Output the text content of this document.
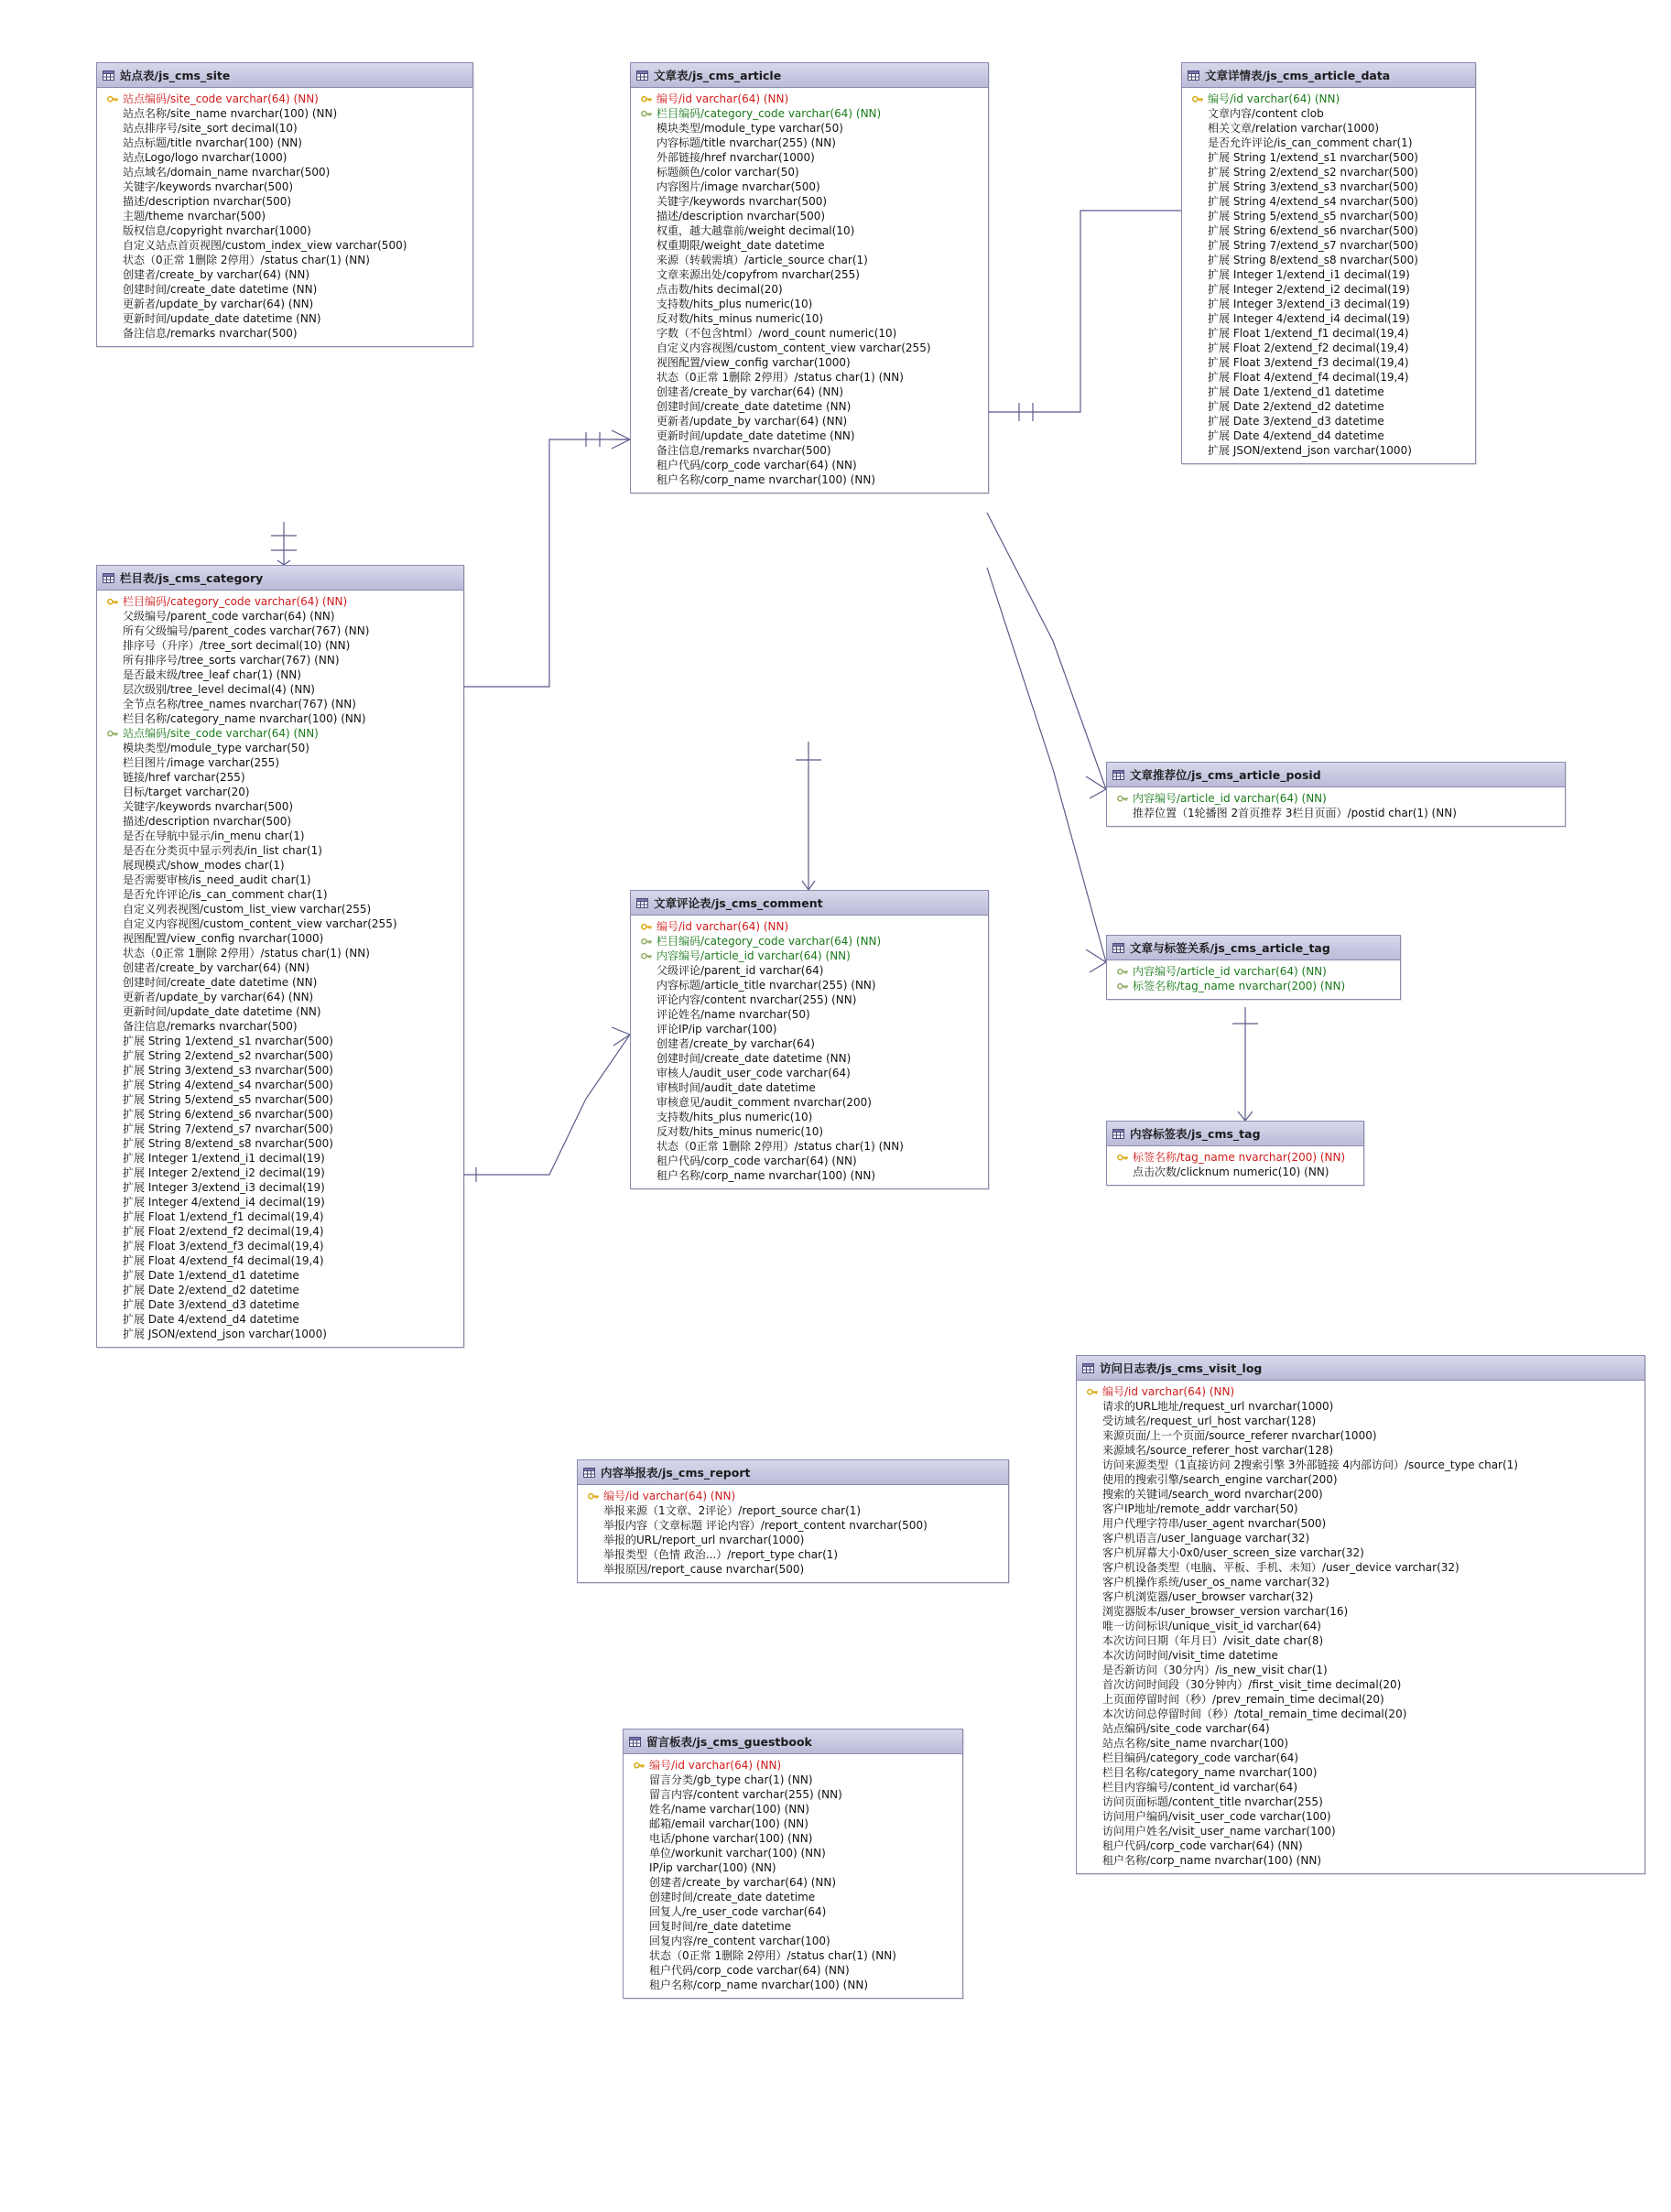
站点表/js_cms_site
站点编码/site_code varchar(64) (NN)
站点名称/site_name nvarchar(100) (NN)
站点排序号/site_sort decimal(10)
站点标题/title nvarchar(100) (NN)
站点Logo/logo nvarchar(1000)
站点域名/domain_name nvarchar(500)
关键字/keywords nvarchar(500)
描述/description nvarchar(500)
主题/theme nvarchar(500)
版权信息/copyright nvarchar(1000)
自定义站点首页视图/custom_index_view varchar(500)
状态（0正常 1删除 2停用）/status char(1) (NN)
创建者/create_by varchar(64) (NN)
创建时间/create_date datetime (NN)
更新者/update_by varchar(64) (NN)
更新时间/update_date datetime (NN)
备注信息/remarks nvarchar(500)
栏目表/js_cms_category
栏目编码/category_code varchar(64) (NN)
父级编号/parent_code varchar(64) (NN)
所有父级编号/parent_codes varchar(767) (NN)
排序号（升序）/tree_sort decimal(10) (NN)
所有排序号/tree_sorts varchar(767) (NN)
是否最末级/tree_leaf char(1) (NN)
层次级别/tree_level decimal(4) (NN)
全节点名称/tree_names nvarchar(767) (NN)
栏目名称/category_name nvarchar(100) (NN)
站点编码/site_code varchar(64) (NN)
模块类型/module_type varchar(50)
栏目图片/image varchar(255)
链接/href varchar(255)
目标/target varchar(20)
关键字/keywords nvarchar(500)
描述/description nvarchar(500)
是否在导航中显示/in_menu char(1)
是否在分类页中显示列表/in_list char(1)
展现模式/show_modes char(1)
是否需要审核/is_need_audit char(1)
是否允许评论/is_can_comment char(1)
自定义列表视图/custom_list_view varchar(255)
自定义内容视图/custom_content_view varchar(255)
视图配置/view_config nvarchar(1000)
状态（0正常 1删除 2停用）/status char(1) (NN)
创建者/create_by varchar(64) (NN)
创建时间/create_date datetime (NN)
更新者/update_by varchar(64) (NN)
更新时间/update_date datetime (NN)
备注信息/remarks nvarchar(500)
扩展 String 1/extend_s1 nvarchar(500)
扩展 String 2/extend_s2 nvarchar(500)
扩展 String 3/extend_s3 nvarchar(500)
扩展 String 4/extend_s4 nvarchar(500)
扩展 String 5/extend_s5 nvarchar(500)
扩展 String 6/extend_s6 nvarchar(500)
扩展 String 7/extend_s7 nvarchar(500)
扩展 String 8/extend_s8 nvarchar(500)
扩展 Integer 1/extend_i1 decimal(19)
扩展 Integer 2/extend_i2 decimal(19)
扩展 Integer 3/extend_i3 decimal(19)
扩展 Integer 4/extend_i4 decimal(19)
扩展 Float 1/extend_f1 decimal(19,4)
扩展 Float 2/extend_f2 decimal(19,4)
扩展 Float 3/extend_f3 decimal(19,4)
扩展 Float 4/extend_f4 decimal(19,4)
扩展 Date 1/extend_d1 datetime
扩展 Date 2/extend_d2 datetime
扩展 Date 3/extend_d3 datetime
扩展 Date 4/extend_d4 datetime
扩展 JSON/extend_json varchar(1000)
文章表/js_cms_article
编号/id varchar(64) (NN)
栏目编码/category_code varchar(64) (NN)
模块类型/module_type varchar(50)
内容标题/title nvarchar(255) (NN)
外部链接/href nvarchar(1000)
标题颜色/color varchar(50)
内容图片/image nvarchar(500)
关键字/keywords nvarchar(500)
描述/description nvarchar(500)
权重，越大越靠前/weight decimal(10)
权重期限/weight_date datetime
来源（转载需填）/article_source char(1)
文章来源出处/copyfrom nvarchar(255)
点击数/hits decimal(20)
支持数/hits_plus numeric(10)
反对数/hits_minus numeric(10)
字数（不包含html）/word_count numeric(10)
自定义内容视图/custom_content_view varchar(255)
视图配置/view_config varchar(1000)
状态（0正常 1删除 2停用）/status char(1) (NN)
创建者/create_by varchar(64) (NN)
创建时间/create_date datetime (NN)
更新者/update_by varchar(64) (NN)
更新时间/update_date datetime (NN)
备注信息/remarks nvarchar(500)
租户代码/corp_code varchar(64) (NN)
租户名称/corp_name nvarchar(100) (NN)
文章详情表/js_cms_article_data
编号/id varchar(64) (NN)
文章内容/content clob
相关文章/relation varchar(1000)
是否允许评论/is_can_comment char(1)
扩展 String 1/extend_s1 nvarchar(500)
扩展 String 2/extend_s2 nvarchar(500)
扩展 String 3/extend_s3 nvarchar(500)
扩展 String 4/extend_s4 nvarchar(500)
扩展 String 5/extend_s5 nvarchar(500)
扩展 String 6/extend_s6 nvarchar(500)
扩展 String 7/extend_s7 nvarchar(500)
扩展 String 8/extend_s8 nvarchar(500)
扩展 Integer 1/extend_i1 decimal(19)
扩展 Integer 2/extend_i2 decimal(19)
扩展 Integer 3/extend_i3 decimal(19)
扩展 Integer 4/extend_i4 decimal(19)
扩展 Float 1/extend_f1 decimal(19,4)
扩展 Float 2/extend_f2 decimal(19,4)
扩展 Float 3/extend_f3 decimal(19,4)
扩展 Float 4/extend_f4 decimal(19,4)
扩展 Date 1/extend_d1 datetime
扩展 Date 2/extend_d2 datetime
扩展 Date 3/extend_d3 datetime
扩展 Date 4/extend_d4 datetime
扩展 JSON/extend_json varchar(1000)
文章推荐位/js_cms_article_posid
内容编号/article_id varchar(64) (NN)
推荐位置（1轮播图 2首页推荐 3栏目页面）/postid char(1) (NN)
文章与标签关系/js_cms_article_tag
内容编号/article_id varchar(64) (NN)
标签名称/tag_name nvarchar(200) (NN)
内容标签表/js_cms_tag
标签名称/tag_name nvarchar(200) (NN)
点击次数/clicknum numeric(10) (NN)
文章评论表/js_cms_comment
编号/id varchar(64) (NN)
栏目编码/category_code varchar(64) (NN)
内容编号/article_id varchar(64) (NN)
父级评论/parent_id varchar(64)
内容标题/article_title nvarchar(255) (NN)
评论内容/content nvarchar(255) (NN)
评论姓名/name nvarchar(50)
评论IP/ip varchar(100)
创建者/create_by varchar(64)
创建时间/create_date datetime (NN)
审核人/audit_user_code varchar(64)
审核时间/audit_date datetime
审核意见/audit_comment nvarchar(200)
支持数/hits_plus numeric(10)
反对数/hits_minus numeric(10)
状态（0正常 1删除 2停用）/status char(1) (NN)
租户代码/corp_code varchar(64) (NN)
租户名称/corp_name nvarchar(100) (NN)
内容举报表/js_cms_report
编号/id varchar(64) (NN)
举报来源（1文章、2评论）/report_source char(1)
举报内容（文章标题 评论内容）/report_content nvarchar(500)
举报的URL/report_url nvarchar(1000)
举报类型（色情 政治...）/report_type char(1)
举报原因/report_cause nvarchar(500)
留言板表/js_cms_guestbook
编号/id varchar(64) (NN)
留言分类/gb_type char(1) (NN)
留言内容/content varchar(255) (NN)
姓名/name varchar(100) (NN)
邮箱/email varchar(100) (NN)
电话/phone varchar(100) (NN)
单位/workunit varchar(100) (NN)
IP/ip varchar(100) (NN)
创建者/create_by varchar(64) (NN)
创建时间/create_date datetime
回复人/re_user_code varchar(64)
回复时间/re_date datetime
回复内容/re_content varchar(100)
状态（0正常 1删除 2停用）/status char(1) (NN)
租户代码/corp_code varchar(64) (NN)
租户名称/corp_name nvarchar(100) (NN)
访问日志表/js_cms_visit_log
编号/id varchar(64) (NN)
请求的URL地址/request_url nvarchar(1000)
受访域名/request_url_host varchar(128)
来源页面/上一个页面/source_referer nvarchar(1000)
来源域名/source_referer_host varchar(128)
访问来源类型（1直接访问 2搜索引擎 3外部链接 4内部访问）/source_type char(1)
使用的搜索引擎/search_engine varchar(200)
搜索的关键词/search_word nvarchar(200)
客户IP地址/remote_addr varchar(50)
用户代理字符串/user_agent nvarchar(500)
客户机语言/user_language varchar(32)
客户机屏幕大小0x0/user_screen_size varchar(32)
客户机设备类型（电脑、平板、手机、未知）/user_device varchar(32)
客户机操作系统/user_os_name varchar(32)
客户机浏览器/user_browser varchar(32)
浏览器版本/user_browser_version varchar(16)
唯一访问标识/unique_visit_id varchar(64)
本次访问日期（年月日）/visit_date char(8)
本次访问时间/visit_time datetime
是否新访问（30分内）/is_new_visit char(1)
首次访问时间段（30分钟内）/first_visit_time decimal(20)
上页面停留时间（秒）/prev_remain_time decimal(20)
本次访问总停留时间（秒）/total_remain_time decimal(20)
站点编码/site_code varchar(64)
站点名称/site_name nvarchar(100)
栏目编码/category_code varchar(64)
栏目名称/category_name nvarchar(100)
栏目内容编号/content_id varchar(64)
访问页面标题/content_title nvarchar(255)
访问用户编码/visit_user_code varchar(100)
访问用户姓名/visit_user_name varchar(100)
租户代码/corp_code varchar(64) (NN)
租户名称/corp_name nvarchar(100) (NN)
